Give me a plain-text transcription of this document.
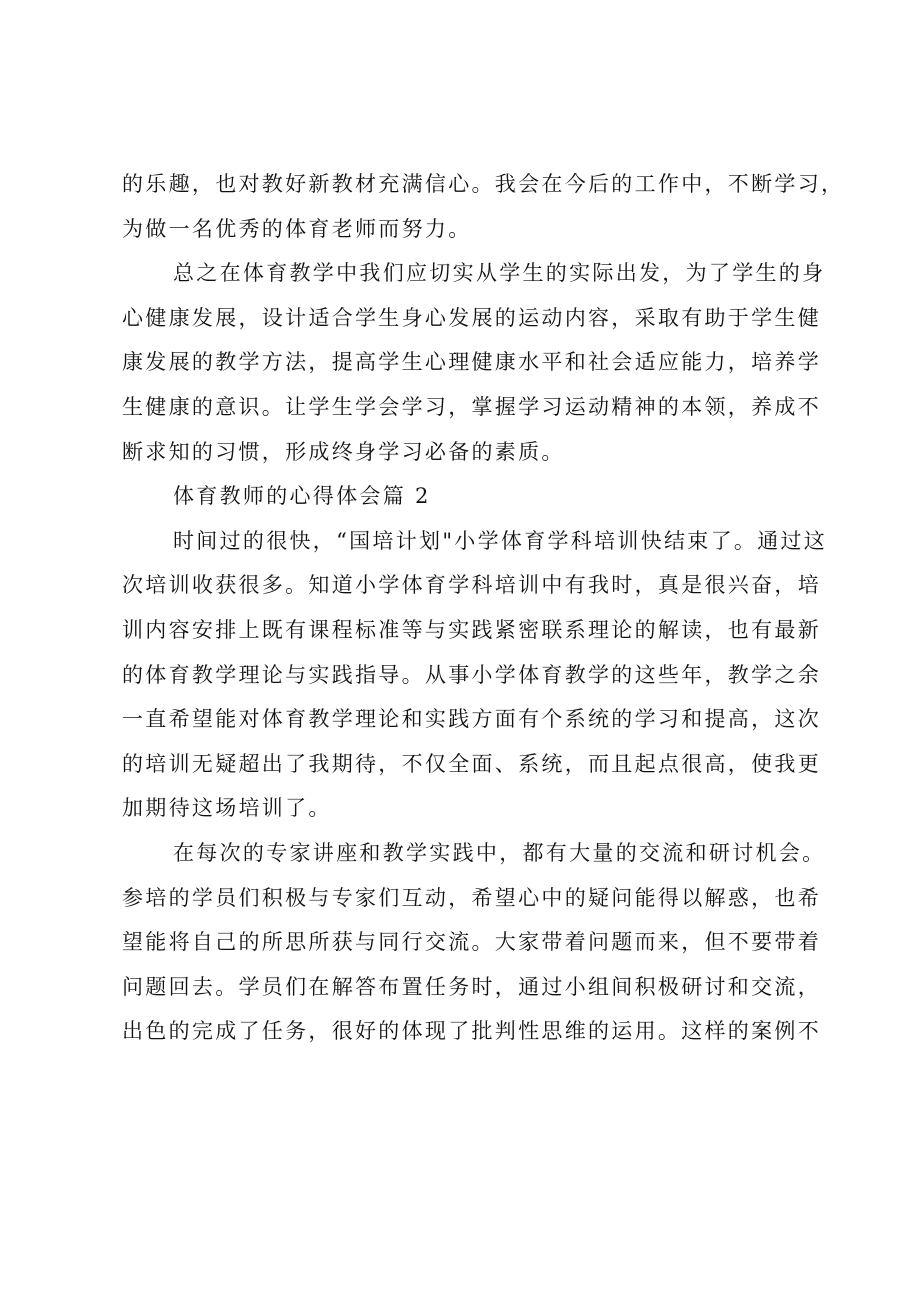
的乐趣，也对教好新教材充满信心。我会在今后的工作中，不断学习，
为做一名优秀的体育老师而努力。

总之在体育教学中我们应切实从学生的实际出发，为了学生的身
心健康发展，设计适合学生身心发展的运动内容，采取有助于学生健
康发展的教学方法，提高学生心理健康水平和社会适应能力，培养学
生健康的意识。让学生学会学习，掌握学习运动精神的本领，养成不
断求知的习惯，形成终身学习必备的素质。

体育教师的心得体会篇 2

时间过的很快，“国培计划"小学体育学科培训快结束了。通过这
次培训收获很多。知道小学体育学科培训中有我时，真是很兴奋，培
训内容安排上既有课程标准等与实践紧密联系理论的解读，也有最新
的体育教学理论与实践指导。从事小学体育教学的这些年，教学之余
一直希望能对体育教学理论和实践方面有个系统的学习和提高，这次
的培训无疑超出了我期待，不仅全面、系统，而且起点很高，使我更
加期待这场培训了。

在每次的专家讲座和教学实践中，都有大量的交流和研讨机会。
参培的学员们积极与专家们互动，希望心中的疑问能得以解惑，也希
望能将自己的所思所获与同行交流。大家带着问题而来，但不要带着
问题回去。学员们在解答布置任务时，通过小组间积极研讨和交流，
出色的完成了任务，很好的体现了批判性思维的运用。这样的案例不
